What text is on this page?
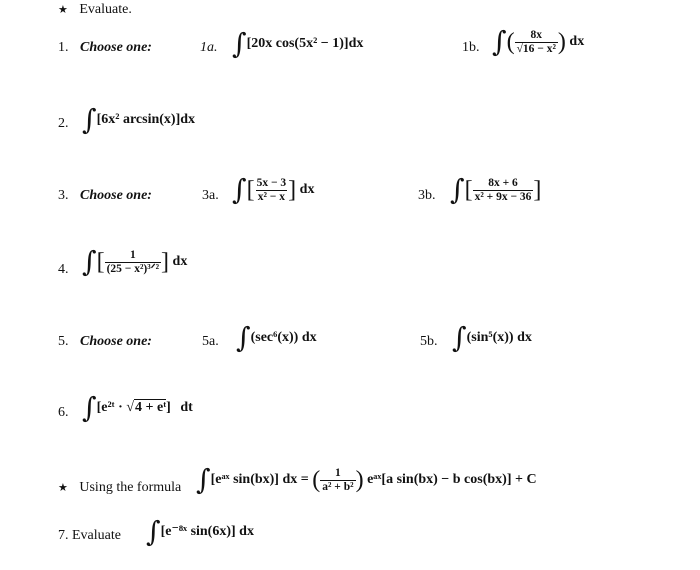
★ Evaluate.
1. Choose one:	1a. ∫[20x cos(5x² − 1)]dx	1b. ∫( $\frac{8x}{\text{√16 − x²}}$ ) dx
2. ∫[6x² arcsin(x)]dx
3. Choose one:	3a. ∫[ $\frac{5x - 3}{\text{x² − x}}$ ] dx	3b. ∫[ $\frac{8x + 6}{\text{x² + 9x − 36}}$ ]
4. ∫[ $\frac{1}{\text{(25 − x²)³ᐟ²}}$ ] dx
5. Choose one:	5a. ∫(sec⁶(x)) dx	5b. ∫(sin⁵(x)) dx
6. ∫[e²ᵗ · √4 + eᵗ] dt
★ Using the formula ∫[eᵃˣ sin(bx)] dx = ( $\frac{1}{\text{a² + b²}}$ ) eᵃˣ[a sin(bx) − b cos(bx)] + C
7. Evaluate ∫[e⁻⁸ˣ sin(6x)] dx
